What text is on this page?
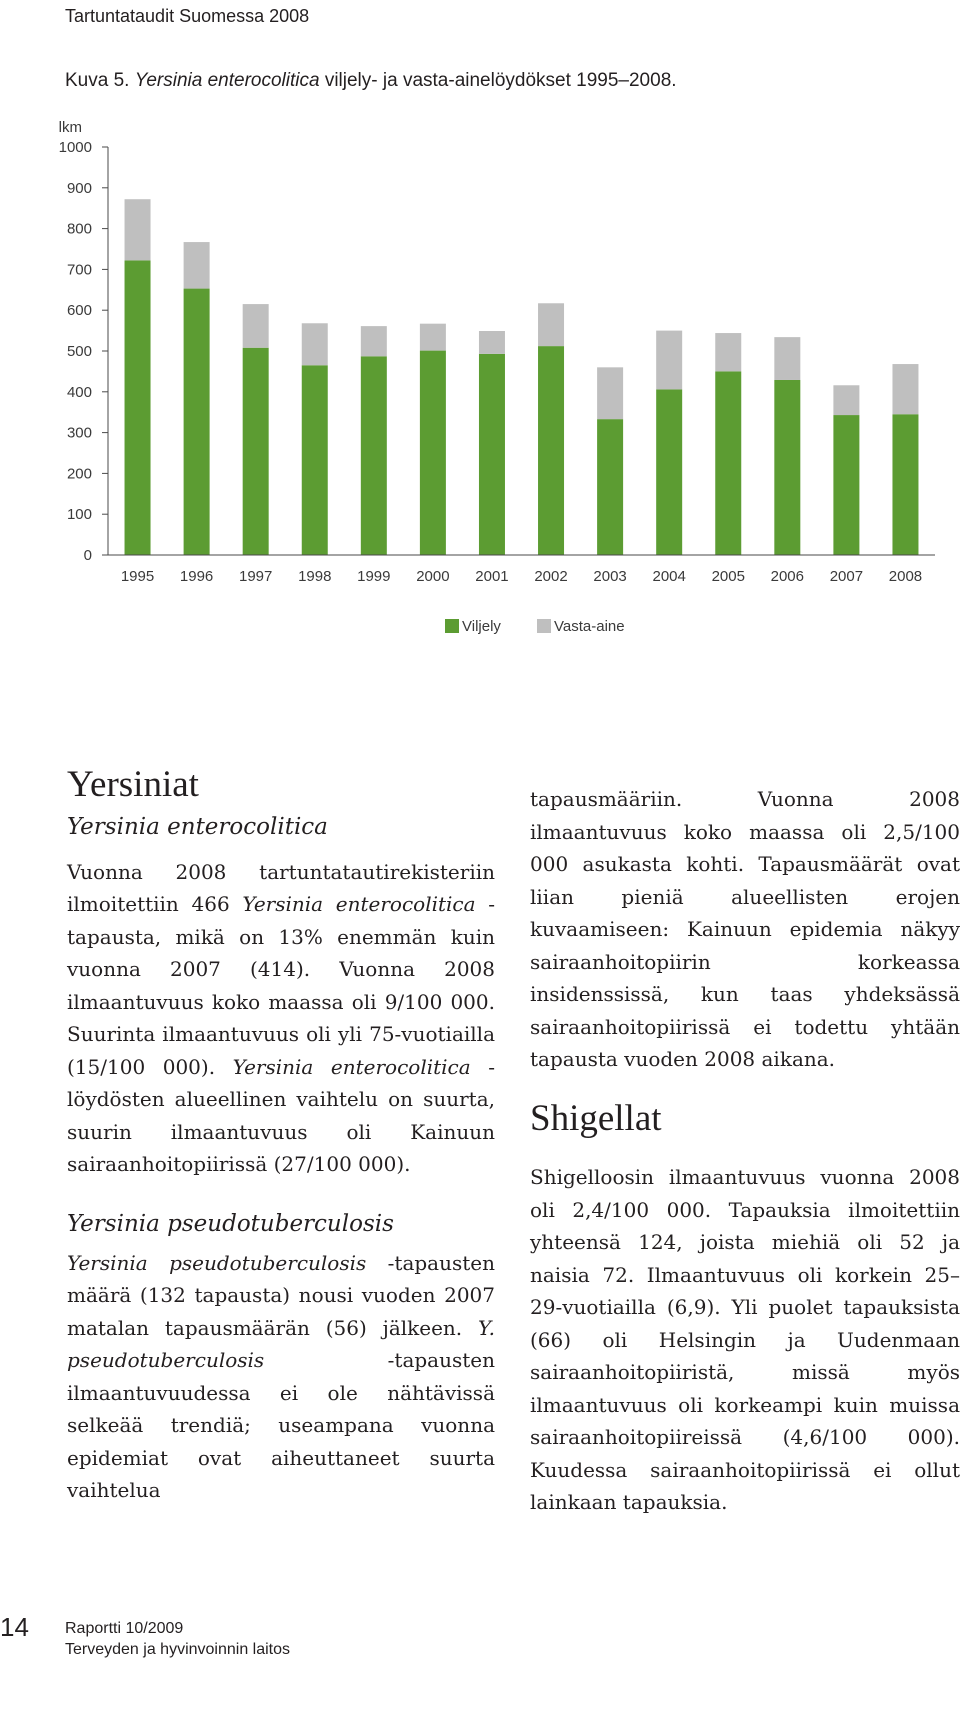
Tartuntataudit Suomessa 2008
Kuva 5. Yersinia enterocolitica viljely- ja vasta-ainelöydökset 1995–2008.
lkm
0
100
200
300
400
500
600
700
800
900
1000
1995 1996 1997 1998 1999 2000 2001 2002 2003 2004 2005 2006 2007 2008
Viljely	Vasta-aine
Yersiniat
Yersinia enterocolitica

Vuonna 2008 tartuntatautirekisteriin ilmoitettiin 466 Yersinia enterocolitica -tapausta, mikä on 13% enemmän kuin vuonna 2007 (414). Vuonna 2008 ilmaantuvuus koko maassa oli 9/100 000. Suurinta ilmaantuvuus oli yli 75-vuotiailla (15/100 000). Yersinia enterocolitica -löydösten alueellinen vaihtelu on suurta, suurin ilmaantuvuus oli Kainuun sairaanhoitopiirissä (27/100 000).

Yersinia pseudotuberculosis

Yersinia pseudotuberculosis -tapausten määrä (132 tapausta) nousi vuoden 2007 matalan tapausmäärän (56) jälkeen. Y. pseudotuberculosis -tapausten ilmaantuvuudessa ei ole nähtävissä selkeää trendiä; useampana vuonna epidemiat ovat aiheuttaneet suurta vaihtelua

tapausmääriin. Vuonna 2008 ilmaantuvuus koko maassa oli 2,5/100 000 asukasta kohti. Tapausmäärät ovat liian pieniä alueellisten erojen kuvaamiseen: Kainuun epidemia näkyy sairaanhoitopiirin korkeassa insidenssissä, kun taas yhdeksässä sairaanhoitopiirissä ei todettu yhtään tapausta vuoden 2008 aikana.

Shigellat

Shigelloosin ilmaantuvuus vuonna 2008 oli 2,4/100 000. Tapauksia ilmoitettiin yhteensä 124, joista miehiä oli 52 ja naisia 72. Ilmaantuvuus oli korkein 25–29-vuotiailla (6,9). Yli puolet tapauksista (66) oli Helsingin ja Uudenmaan sairaanhoitopiiristä, missä myös ilmaantuvuus oli korkeampi kuin muissa sairaanhoitopiireissä (4,6/100 000). Kuudessa sairaanhoitopiirissä ei ollut lainkaan tapauksia.

14 Raportti 10/2009
Terveyden ja hyvinvoinnin laitos
